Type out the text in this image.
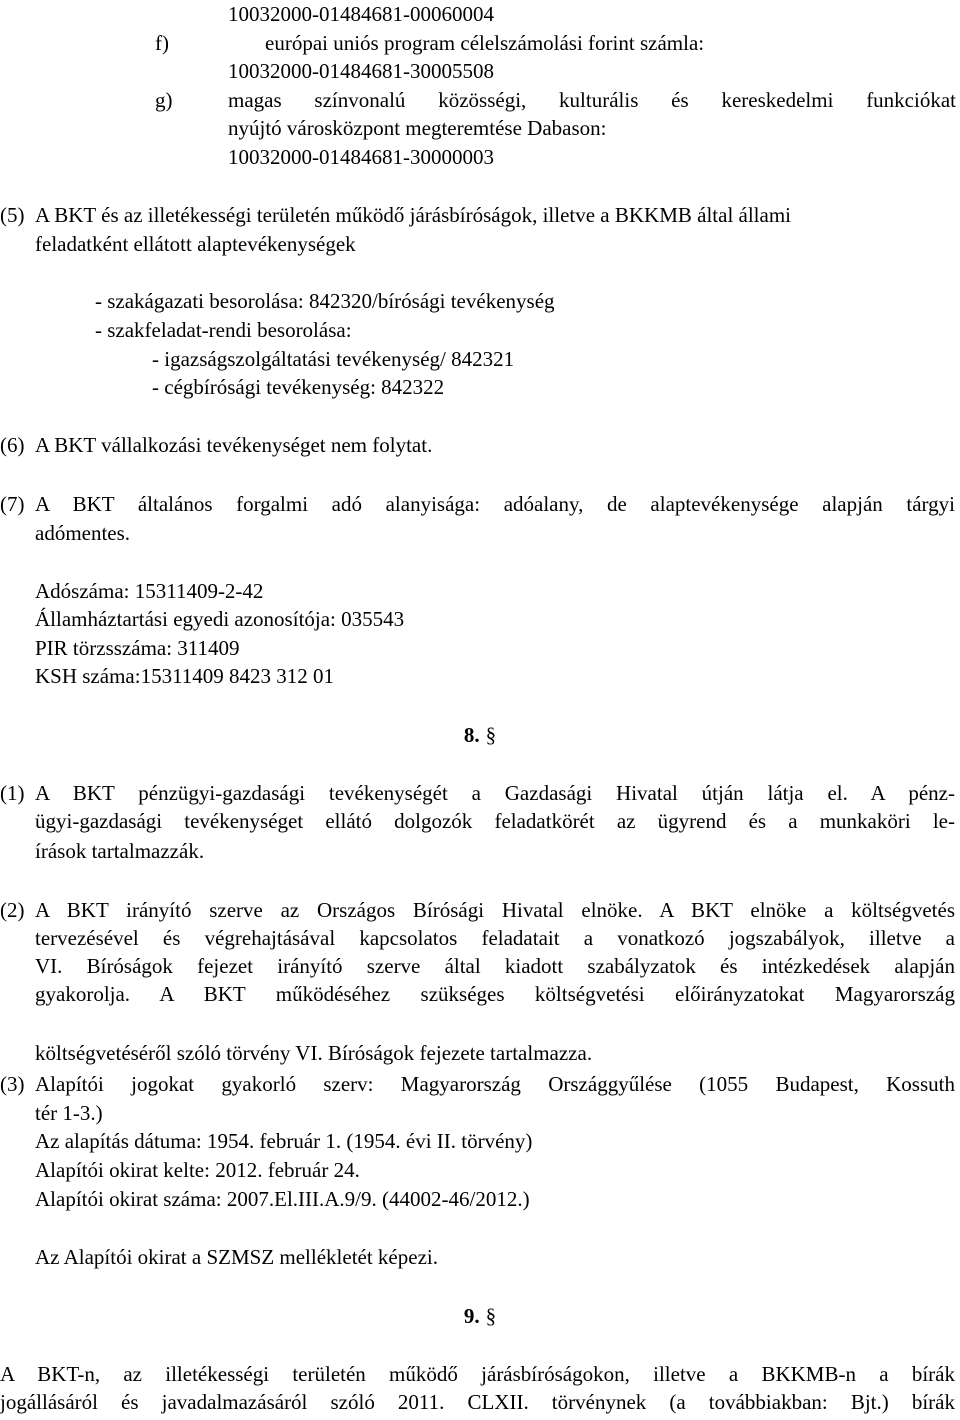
10032000-01484681-00060004
f)	európai uniós program célelszámolási forint számla:
10032000-01484681-30005508
g)	magas színvonalú közösségi, kulturális és kereskedelmi funkciókat
nyújtó városközpont megteremtése Dabason:
10032000-01484681-30000003
(5) A BKT és az illetékességi területén működő járásbíróságok, illetve a BKKMB által állami
feladatként ellátott alaptevékenységek
- szakágazati besorolása: 842320/bírósági tevékenység
- szakfeladat-rendi besorolása:
- igazságszolgáltatási tevékenység/ 842321
- cégbírósági tevékenység: 842322
(6) A BKT vállalkozási tevékenységet nem folytat.
(7) A BKT általános forgalmi adó alanyisága: adóalany, de alaptevékenysége alapján tárgyi
adómentes.
Adószáma: 15311409-2-42
Államháztartási egyedi azonosítója: 035543
PIR törzsszáma: 311409
KSH száma:15311409 8423 312 01
8. §
(1) A BKT pénzügyi-gazdasági tevékenységét a Gazdasági Hivatal útján látja el. A pénz-
ügyi-gazdasági tevékenységet ellátó dolgozók feladatkörét az ügyrend és a munkaköri le-
írások tartalmazzák.
(2) A BKT irányító szerve az Országos Bírósági Hivatal elnöke. A BKT elnöke a költségvetés
tervezésével és végrehajtásával kapcsolatos feladatait a vonatkozó jogszabályok, illetve a
VI. Bíróságok fejezet irányító szerve által kiadott szabályzatok és intézkedések alapján
gyakorolja. A BKT működéséhez szükséges költségvetési előirányzatokat Magyarország
költségvetéséről szóló törvény VI. Bíróságok fejezete tartalmazza.
(3) Alapítói jogokat gyakorló szerv: Magyarország Országgyűlése (1055 Budapest, Kossuth
tér 1-3.)
Az alapítás dátuma: 1954. február 1. (1954. évi II. törvény)
Alapítói okirat kelte: 2012. február 24.
Alapítói okirat száma: 2007.El.III.A.9/9. (44002-46/2012.)
Az Alapítói okirat a SZMSZ mellékletét képezi.
9. §
A BKT-n, az illetékességi területén működő járásbíróságokon, illetve a BKKMB-n a bírák
jogállásáról és javadalmazásáról szóló 2011. CLXII. törvénynek (a továbbiakban: Bjt.) bírák
